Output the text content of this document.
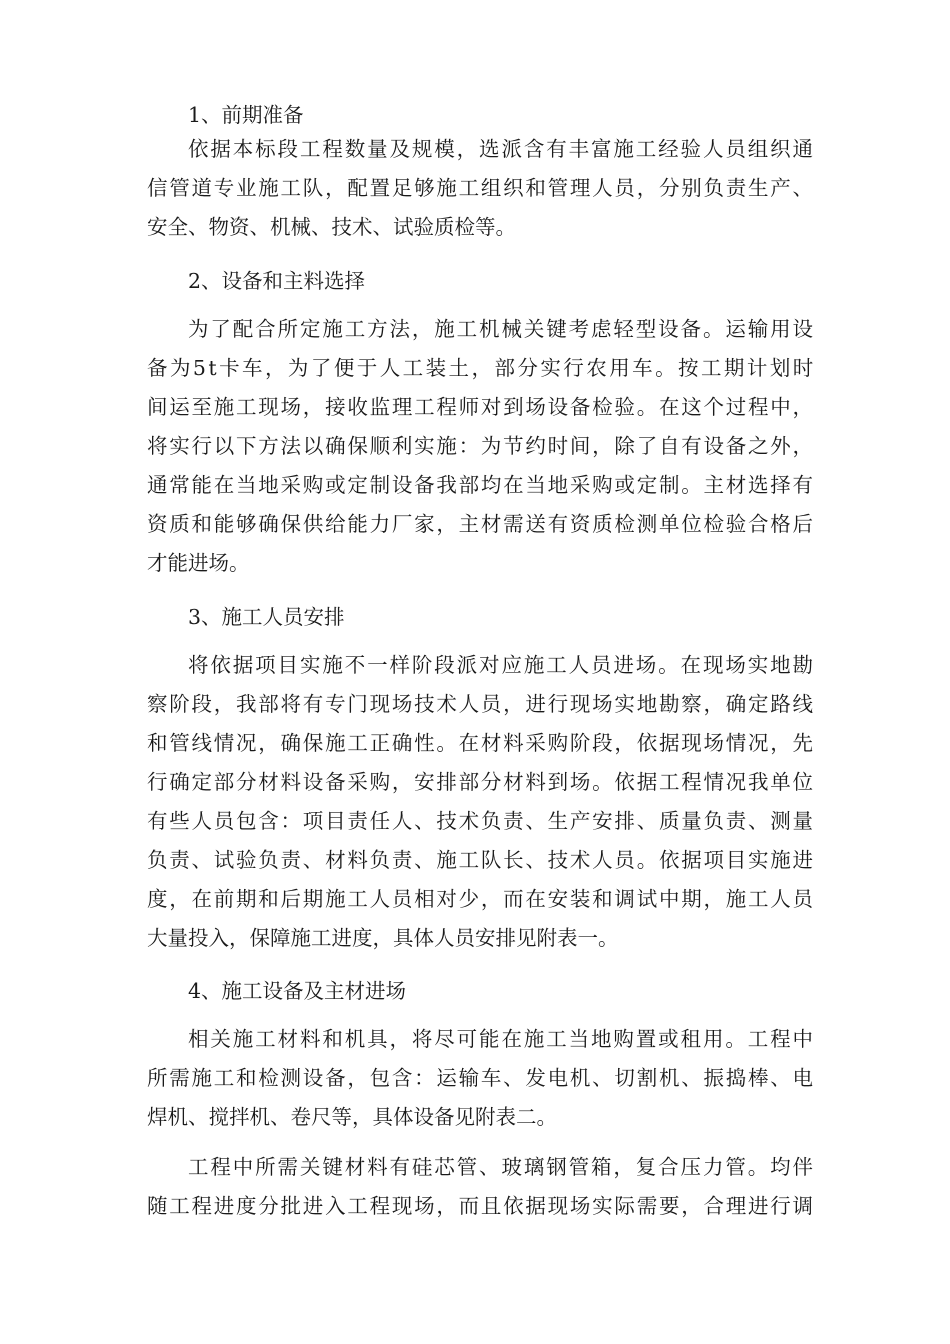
1、前期准备
依据本标段工程数量及规模，选派含有丰富施工经验人员组织通
信管道专业施工队，配置足够施工组织和管理人员，分别负责生产、
安全、物资、机械、技术、试验质检等。
2、设备和主料选择
为了配合所定施工方法，施工机械关键考虑轻型设备。运输用设
备为5t卡车，为了便于人工装土，部分实行农用车。按工期计划时
间运至施工现场，接收监理工程师对到场设备检验。在这个过程中，
将实行以下方法以确保顺利实施：为节约时间，除了自有设备之外，
通常能在当地采购或定制设备我部均在当地采购或定制。主材选择有
资质和能够确保供给能力厂家，主材需送有资质检测单位检验合格后
才能进场。
3、施工人员安排
将依据项目实施不一样阶段派对应施工人员进场。在现场实地勘
察阶段，我部将有专门现场技术人员，进行现场实地勘察，确定路线
和管线情况，确保施工正确性。在材料采购阶段，依据现场情况，先
行确定部分材料设备采购，安排部分材料到场。依据工程情况我单位
有些人员包含：项目责任人、技术负责、生产安排、质量负责、测量
负责、试验负责、材料负责、施工队长、技术人员。依据项目实施进
度，在前期和后期施工人员相对少，而在安装和调试中期，施工人员
大量投入，保障施工进度，具体人员安排见附表一。
4、施工设备及主材进场
相关施工材料和机具，将尽可能在施工当地购置或租用。工程中
所需施工和检测设备，包含：运输车、发电机、切割机、振捣棒、电
焊机、搅拌机、卷尺等，具体设备见附表二。
工程中所需关键材料有硅芯管、玻璃钢管箱，复合压力管。均伴
随工程进度分批进入工程现场，而且依据现场实际需要，合理进行调
